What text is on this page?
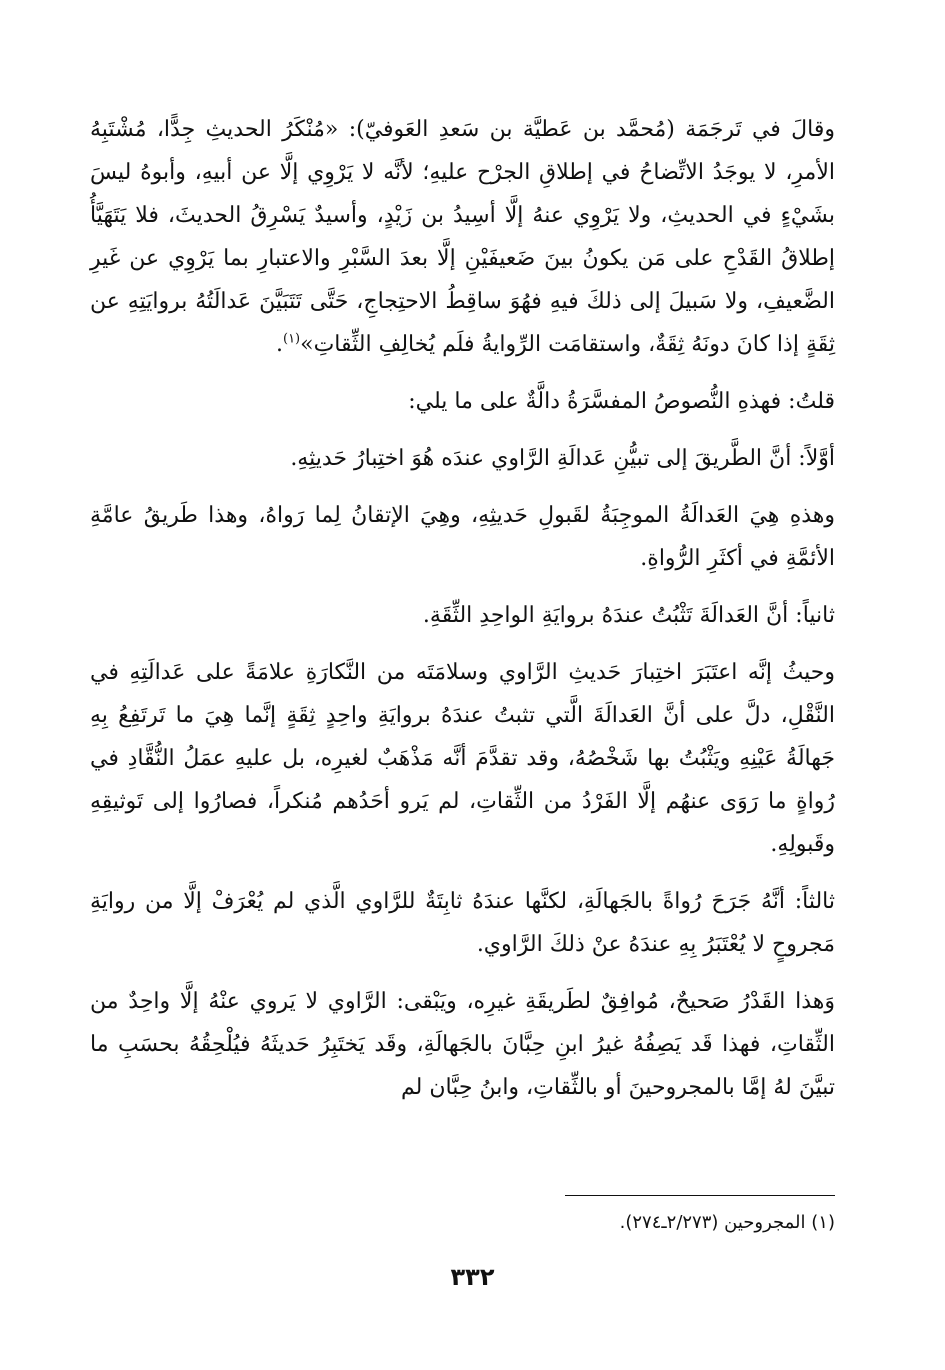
وقالَ في تَرجَمَة (مُحمَّد بن عَطيَّة بن سَعدِ العَوفيّ): «مُنْكَرُ الحديثِ جِدًّا، مُشْتَبِهُ الأمرِ، لا يوجَدُ الاتِّضاحُ في إطلاقِ الجرْح عليهِ؛ لأنَّه لا يَرْوِي إلَّا عن أبيهِ، وأبوهُ ليسَ بشَيْءٍ في الحديثِ، ولا يَرْوِي عنهُ إلَّا أسِيدُ بن زَيْدٍ، وأسيدٌ يَسْرِقُ الحديثَ، فلا يَتَهَيَّأُ إطلاقُ القَدْحِ على مَن يكونُ بينَ ضَعيفَيْنِ إلَّا بعدَ السَّبْرِ والاعتبارِ بما يَرْوِي عن غَيرِ الضَّعيفِ، ولا سَبيلَ إلى ذلكَ فيهِ فهُوَ ساقِطُ الاحتِجاجِ، حَتَّى تَتَبَيَّنَ عَدالَتُهُ بروايَتِهِ عن ثِقَةٍ إذا كانَ دونَهُ ثِقَةٌ، واستقامَت الرِّوايةُ فلَم يُخالِفِ الثِّقاتِ»$^{(١)}$.

قلتُ: فهذهِ النُّصوصُ المفسَّرَةُ دالَّةٌ على ما يلي:

أوَّلاً: أنَّ الطَّريقَ إلى تبيُّنِ عَدالَةِ الرَّاوي عندَه هُوَ اختِبارُ حَديثِهِ.

وهذهِ هِيَ العَدالَةُ الموجِبَةُ لقَبولِ حَديثِهِ، وهِيَ الإتقانُ لِما رَواهُ، وهذا طَريقُ عامَّةِ الأئمَّةِ في أكثَرِ الرُّواةِ.

ثانياً: أنَّ العَدالَةَ تَثْبُتُ عندَهُ بروايَةِ الواحِدِ الثِّقَةِ.

وحيثُ إنَّه اعتَبَرَ اختِبارَ حَديثِ الرَّاوي وسلامَتَه من النَّكارَةِ علامَةً على عَدالَتِهِ في النَّقْلِ، دلَّ على أنَّ العَدالَةَ الَّتي تثبتُ عندَهُ بروايَةِ واحِدٍ ثِقَةٍ إنَّما هِيَ ما تَرتَفِعُ بِهِ جَهالَةُ عَيْنِهِ ويَثْبُتُ بها شَخْصُهُ، وقد تقدَّمَ أنَّه مَذْهَبٌ لغيرِه، بل عليهِ عمَلُ النُّقَّادِ في رُواةٍ ما رَوَى عنهُم إلَّا الفَرْدُ من الثِّقاتِ، لم يَرو أحَدُهم مُنكراً، فصارُوا إلى تَوثيقِهِ وقَبولِهِ.

ثالثاً: أنَّهُ جَرَحَ رُواةً بالجَهالَةِ، لكنَّها عندَهُ ثابِتَةٌ للرَّاوي الَّذي لم يُعْرَفْ إلَّا من روايَةِ مَجروحٍ لا يُعْتَبَرُ بِهِ عندَهُ عنْ ذلكَ الرَّاوي.

وَهذا القَدْرُ صَحيحٌ، مُوافِقٌ لطَريقَةِ غيرِه، ويَبْقى: الرَّاوي لا يَروي عنْهُ إلَّا واحِدٌ من الثِّقاتِ، فهذا قَد يَصِفُهُ غيرُ ابنِ حِبَّانَ بالجَهالَةِ، وقَد يَختَبِرُ حَديثَهُ فيُلْحِقُهُ بحسَبِ ما تبيَّنَ لهُ إمَّا بالمجروحينَ أو بالثِّقاتِ، وابنُ حِبَّان لم

(١) المجروحين (٢/٢٧٣ـ٢٧٤).
٣٣٢
